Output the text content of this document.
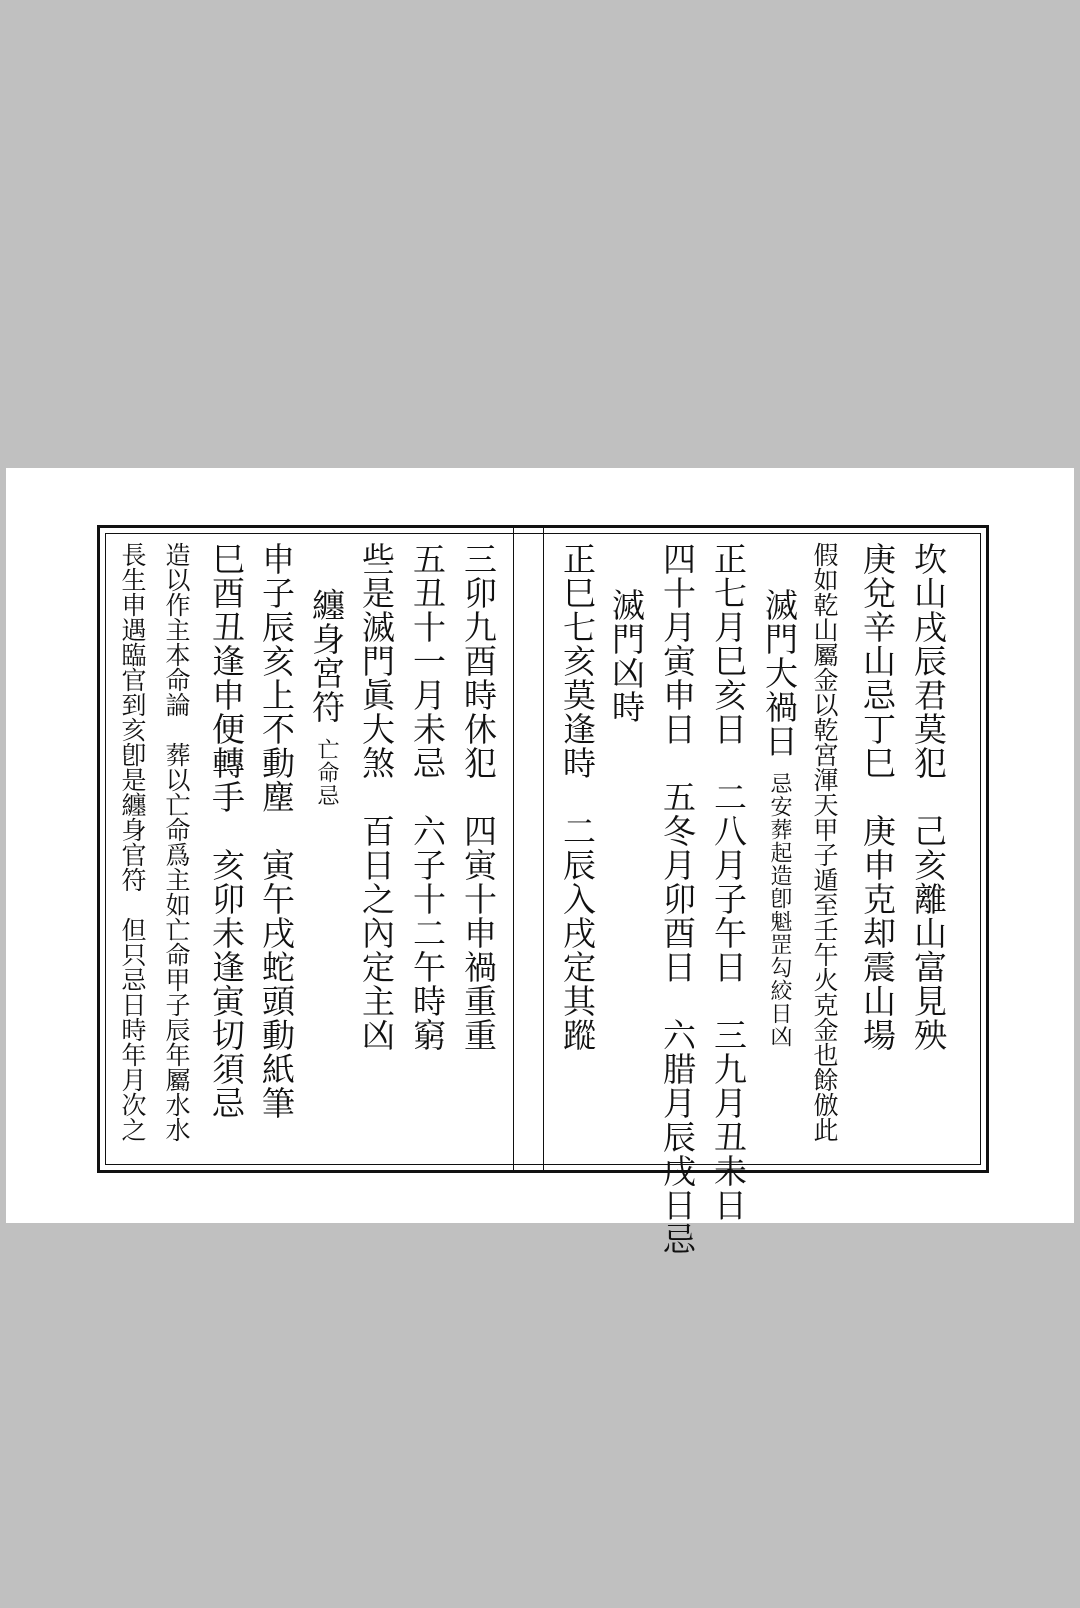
坎山戌辰君莫犯　己亥離山富見殃
庚兌辛山忌丁巳　庚申克却震山場
假如乾山屬金以乾宮渾天甲子遁至壬午火克金也餘倣此
滅門大禍日忌安葬起造卽魁罡勾絞日凶
正七月巳亥日　二八月子午日　三九月丑未日
四十月寅申日　五冬月卯酉日　六腊月辰戌日忌
滅門凶時
正巳七亥莫逢時　二辰入戌定其蹤
三卯九酉時休犯　四寅十申禍重重
五丑十一月未忌　六子十二午時窮
些是滅門眞大煞　百日之內定主凶
纏身宮符亡命忌
申子辰亥上不動塵　寅午戌蛇頭動紙筆
巳酉丑逢申便轉手　亥卯未逢寅切須忌
造以作主本命論　葬以亡命爲主如亡命甲子辰年屬水水
長生申遇臨官到亥卽是纏身官符　但只忌日時年月次之
